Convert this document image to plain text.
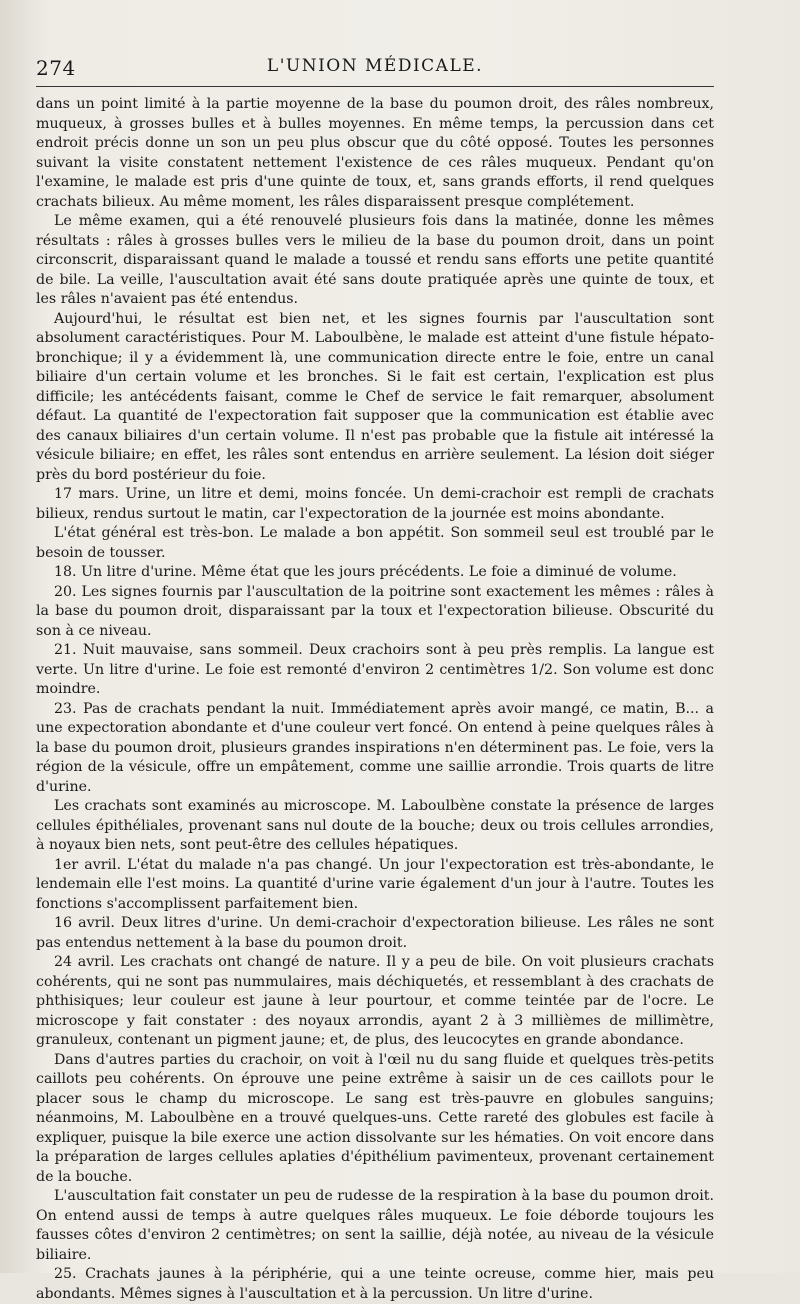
274	L'UNION MÉDICALE.

dans un point limité à la partie moyenne de la base du poumon droit, des râles nombreux, muqueux, à grosses bulles et à bulles moyennes. En même temps, la percussion dans cet endroit précis donne un son un peu plus obscur que du côté opposé. Toutes les personnes suivant la visite constatent nettement l'existence de ces râles muqueux. Pendant qu'on l'examine, le malade est pris d'une quinte de toux, et, sans grands efforts, il rend quelques crachats bilieux. Au même moment, les râles disparaissent presque complétement.

Le même examen, qui a été renouvelé plusieurs fois dans la matinée, donne les mêmes résultats : râles à grosses bulles vers le milieu de la base du poumon droit, dans un point circonscrit, disparaissant quand le malade a toussé et rendu sans efforts une petite quantité de bile. La veille, l'auscultation avait été sans doute pratiquée après une quinte de toux, et les râles n'avaient pas été entendus.

Aujourd'hui, le résultat est bien net, et les signes fournis par l'auscultation sont absolument caractéristiques. Pour M. Laboulbène, le malade est atteint d'une fistule hépato-bronchique; il y a évidemment là, une communication directe entre le foie, entre un canal biliaire d'un certain volume et les bronches. Si le fait est certain, l'explication est plus difficile; les antécédents faisant, comme le Chef de service le fait remarquer, absolument défaut. La quantité de l'expectoration fait supposer que la communication est établie avec des canaux biliaires d'un certain volume. Il n'est pas probable que la fistule ait intéressé la vésicule biliaire; en effet, les râles sont entendus en arrière seulement. La lésion doit siéger près du bord postérieur du foie.

17 mars. Urine, un litre et demi, moins foncée. Un demi-crachoir est rempli de crachats bilieux, rendus surtout le matin, car l'expectoration de la journée est moins abondante.

L'état général est très-bon. Le malade a bon appétit. Son sommeil seul est troublé par le besoin de tousser.

18. Un litre d'urine. Même état que les jours précédents. Le foie a diminué de volume.

20. Les signes fournis par l'auscultation de la poitrine sont exactement les mêmes : râles à la base du poumon droit, disparaissant par la toux et l'expectoration bilieuse. Obscurité du son à ce niveau.

21. Nuit mauvaise, sans sommeil. Deux crachoirs sont à peu près remplis. La langue est verte. Un litre d'urine. Le foie est remonté d'environ 2 centimètres 1/2. Son volume est donc moindre.

23. Pas de crachats pendant la nuit. Immédiatement après avoir mangé, ce matin, B... a une expectoration abondante et d'une couleur vert foncé. On entend à peine quelques râles à la base du poumon droit, plusieurs grandes inspirations n'en déterminent pas. Le foie, vers la région de la vésicule, offre un empâtement, comme une saillie arrondie. Trois quarts de litre d'urine.

Les crachats sont examinés au microscope. M. Laboulbène constate la présence de larges cellules épithéliales, provenant sans nul doute de la bouche; deux ou trois cellules arrondies, à noyaux bien nets, sont peut-être des cellules hépatiques.

1er avril. L'état du malade n'a pas changé. Un jour l'expectoration est très-abondante, le lendemain elle l'est moins. La quantité d'urine varie également d'un jour à l'autre. Toutes les fonctions s'accomplissent parfaitement bien.

16 avril. Deux litres d'urine. Un demi-crachoir d'expectoration bilieuse. Les râles ne sont pas entendus nettement à la base du poumon droit.

24 avril. Les crachats ont changé de nature. Il y a peu de bile. On voit plusieurs crachats cohérents, qui ne sont pas nummulaires, mais déchiquetés, et ressemblant à des crachats de phthisiques; leur couleur est jaune à leur pourtour, et comme teintée par de l'ocre. Le microscope y fait constater : des noyaux arrondis, ayant 2 à 3 millièmes de millimètre, granuleux, contenant un pigment jaune; et, de plus, des leucocytes en grande abondance.

Dans d'autres parties du crachoir, on voit à l'œil nu du sang fluide et quelques très-petits caillots peu cohérents. On éprouve une peine extrême à saisir un de ces caillots pour le placer sous le champ du microscope. Le sang est très-pauvre en globules sanguins; néanmoins, M. Laboulbène en a trouvé quelques-uns. Cette rareté des globules est facile à expliquer, puisque la bile exerce une action dissolvante sur les hématies. On voit encore dans la préparation de larges cellules aplaties d'épithélium pavimenteux, provenant certainement de la bouche.

L'auscultation fait constater un peu de rudesse de la respiration à la base du poumon droit. On entend aussi de temps à autre quelques râles muqueux. Le foie déborde toujours les fausses côtes d'environ 2 centimètres; on sent la saillie, déjà notée, au niveau de la vésicule biliaire.

25. Crachats jaunes à la périphérie, qui a une teinte ocreuse, comme hier, mais peu abondants. Mêmes signes à l'auscultation et à la percussion. Un litre d'urine.
